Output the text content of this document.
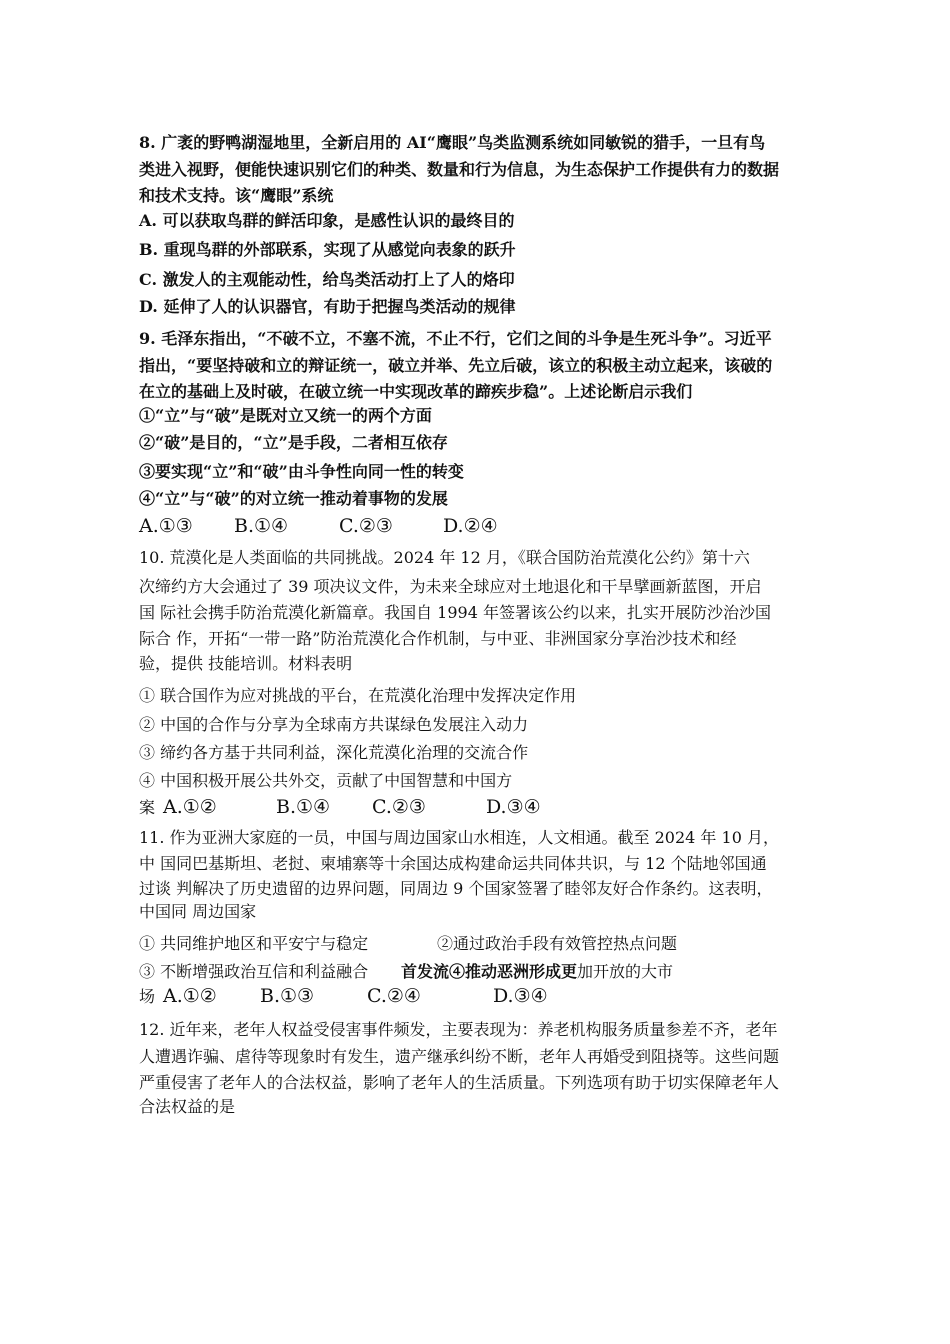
8. 广袤的野鸭湖湿地里，全新启用的 AI“鹰眼”鸟类监测系统如同敏锐的猎手，一旦有鸟
类进入视野，便能快速识别它们的种类、数量和行为信息，为生态保护工作提供有力的数据
和技术支持。该“鹰眼”系统
A. 可以获取鸟群的鲜活印象，是感性认识的最终目的
B. 重现鸟群的外部联系，实现了从感觉向表象的跃升
C. 激发人的主观能动性，给鸟类活动打上了人的烙印
D. 延伸了人的认识器官，有助于把握鸟类活动的规律
9. 毛泽东指出，“不破不立，不塞不流，不止不行，它们之间的斗争是生死斗争”。习近平
指出，“要坚持破和立的辩证统一，破立并举、先立后破，该立的积极主动立起来，该破的
在立的基础上及时破，在破立统一中实现改革的蹄疾步稳”。上述论断启示我们
①“立”与“破”是既对立又统一的两个方面
②“破”是目的，“立”是手段，二者相互依存
③要实现“立”和“破”由斗争性向同一性的转变
④“立”与“破”的对立统一推动着事物的发展
A.①③ B.①④	C.②③	D.②④
10. 荒漠化是人类面临的共同挑战。2024 年 12 月，《联合国防治荒漠化公约》第十六
次缔约方大会通过了 39 项决议文件，为未来全球应对土地退化和干旱擘画新蓝图，开启
国 际社会携手防治荒漠化新篇章。我国自 1994 年签署该公约以来，扎实开展防沙治沙国
际合 作，开拓“一带一路”防治荒漠化合作机制，与中亚、非洲国家分享治沙技术和经
验，提供 技能培训。材料表明
① 联合国作为应对挑战的平台，在荒漠化治理中发挥决定作用
② 中国的合作与分享为全球南方共谋绿色发展注入动力
③ 缔约各方基于共同利益，深化荒漠化治理的交流合作
④ 中国积极开展公共外交，贡献了中国智慧和中国方
案 A.①②	B.①④ C.②③	D.③④
11. 作为亚洲大家庭的一员，中国与周边国家山水相连，人文相通。截至 2024 年 10 月，
中 国同巴基斯坦、老挝、柬埔寨等十余国达成构建命运共同体共识，与 12 个陆地邻国通
过谈 判解决了历史遗留的边界问题，同周边 9 个国家签署了睦邻友好合作条约。这表明，
中国同 周边国家
① 共同维护地区和平安宁与稳定	②通过政治手段有效管控热点问题
③ 不断增强政治互信和利益融合 首发流④推动恶洲形成更加开放的大市
场 A.①② B.①③	C.②④	D.③④
12. 近年来，老年人权益受侵害事件频发，主要表现为：养老机构服务质量参差不齐，老年
人遭遇诈骗、虐待等现象时有发生，遗产继承纠纷不断，老年人再婚受到阻挠等。这些问题
严重侵害了老年人的合法权益，影响了老年人的生活质量。下列选项有助于切实保障老年人
合法权益的是
